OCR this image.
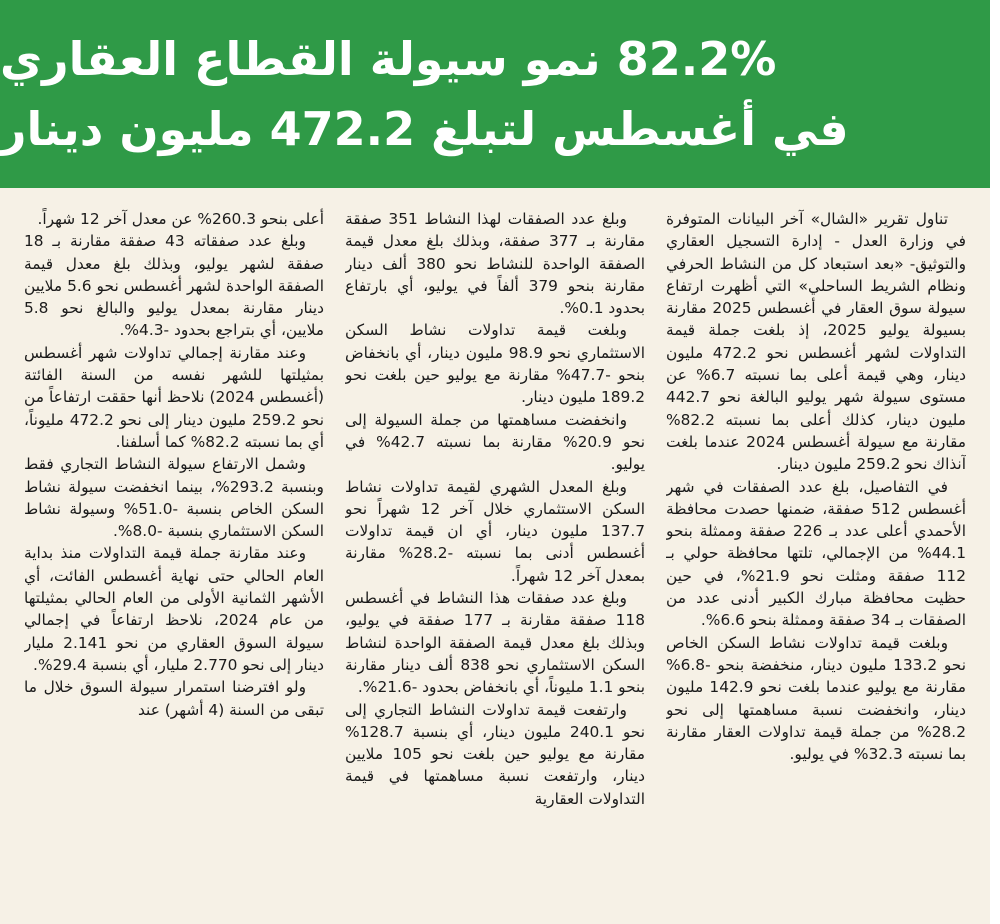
82.2% نمو سيولة القطاع العقاري
في أغسطس لتبلغ 472.2 مليون دينار

تناول تقرير «الشال» آخر البيانات المتوفرة في وزارة العدل - إدارة التسجيل العقاري والتوثيق- «بعد استبعاد كل من النشاط الحرفي ونظام الشريط الساحلي» التي أظهرت ارتفاع سيولة سوق العقار في أغسطس 2025 مقارنة بسيولة يوليو 2025، إذ بلغت جملة قيمة التداولات لشهر أغسطس نحو 472.2 مليون دينار، وهي قيمة أعلى بما نسبته 6.7% عن مستوى سيولة شهر يوليو البالغة نحو 442.7 مليون دينار، كذلك أعلى بما نسبته 82.2% مقارنة مع سيولة أغسطس 2024 عندما بلغت آنذاك نحو 259.2 مليون دينار.

في التفاصيل، بلغ عدد الصفقات في شهر أغسطس 512 صفقة، ضمنها حصدت محافظة الأحمدي أعلى عدد بـ 226 صفقة وممثلة بنحو 44.1% من الإجمالي، تلتها محافظة حولي بـ 112 صفقة ومثلت نحو 21.9%، في حين حظيت محافظة مبارك الكبير أدنى عدد من الصفقات بـ 34 صفقة وممثلة بنحو 6.6%.

وبلغت قيمة تداولات نشاط السكن الخاص نحو 133.2 مليون دينار، منخفضة بنحو -6.8% مقارنة مع يوليو عندما بلغت نحو 142.9 مليون دينار، وانخفضت نسبة مساهمتها إلى نحو 28.2% من جملة قيمة تداولات العقار مقارنة بما نسبته 32.3% في يوليو.

وبلغ عدد الصفقات لهذا النشاط 351 صفقة مقارنة بـ 377 صفقة، وبذلك بلغ معدل قيمة الصفقة الواحدة للنشاط نحو 380 ألف دينار مقارنة بنحو 379 ألفاً في يوليو، أي بارتفاع بحدود 0.1%.

وبلغت قيمة تداولات نشاط السكن الاستثماري نحو 98.9 مليون دينار، أي بانخفاض بنحو -47.7% مقارنة مع يوليو حين بلغت نحو 189.2 مليون دينار.

وانخفضت مساهمتها من جملة السيولة إلى نحو 20.9% مقارنة بما نسبته 42.7% في يوليو.

وبلغ المعدل الشهري لقيمة تداولات نشاط السكن الاستثماري خلال آخر 12 شهراً نحو 137.7 مليون دينار، أي ان قيمة تداولات أغسطس أدنى بما نسبته -28.2% مقارنة بمعدل آخر 12 شهراً.

وبلغ عدد صفقات هذا النشاط في أغسطس 118 صفقة مقارنة بـ 177 صفقة في يوليو، وبذلك بلغ معدل قيمة الصفقة الواحدة لنشاط السكن الاستثماري نحو 838 ألف دينار مقارنة بنحو 1.1 مليوناً، أي بانخفاض بحدود -21.6%.

وارتفعت قيمة تداولات النشاط التجاري إلى نحو 240.1 مليون دينار، أي بنسبة 128.7% مقارنة مع يوليو حين بلغت نحو 105 ملايين دينار، وارتفعت نسبة مساهمتها في قيمة التداولات العقارية

أعلى بنحو 260.3% عن معدل آخر 12 شهراً.

وبلغ عدد صفقاته 43 صفقة مقارنة بـ 18 صفقة لشهر يوليو، وبذلك بلغ معدل قيمة الصفقة الواحدة لشهر أغسطس نحو 5.6 ملايين دينار مقارنة بمعدل يوليو والبالغ نحو 5.8 ملايين، أي بتراجع بحدود -4.3%.

وعند مقارنة إجمالي تداولات شهر أغسطس بمثيلتها للشهر نفسه من السنة الفائتة (أغسطس 2024) نلاحظ أنها حققت ارتفاعاً من نحو 259.2 مليون دينار إلى نحو 472.2 مليوناً، أي بما نسبته 82.2% كما أسلفنا.

وشمل الارتفاع سيولة النشاط التجاري فقط وبنسبة 293.2%، بينما انخفضت سيولة نشاط السكن الخاص بنسبة -51.0% وسيولة نشاط السكن الاستثماري بنسبة -8.0%.

وعند مقارنة جملة قيمة التداولات منذ بداية العام الحالي حتى نهاية أغسطس الفائت، أي الأشهر الثمانية الأولى من العام الحالي بمثيلتها من عام 2024، نلاحظ ارتفاعاً في إجمالي سيولة السوق العقاري من نحو 2.141 مليار دينار إلى نحو 2.770 مليار، أي بنسبة 29.4%.

ولو افترضنا استمرار سيولة السوق خلال ما تبقى من السنة (4 أشهر) عند
